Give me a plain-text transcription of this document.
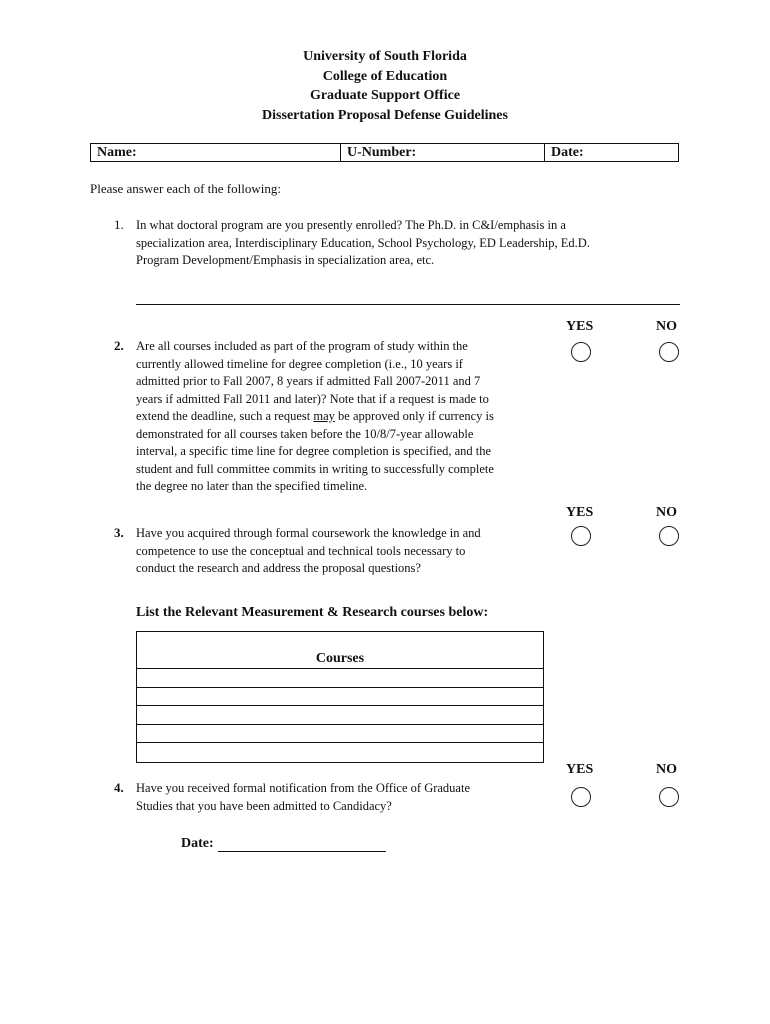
University of South Florida
College of Education
Graduate Support Office
Dissertation Proposal Defense Guidelines
Name:	U-Number:	Date:
Please answer each of the following:
1. In what doctoral program are you presently enrolled? The Ph.D. in C&I/emphasis in a

specialization area, Interdisciplinary Education, School Psychology, ED Leadership, Ed.D.

Program Development/Emphasis in specialization area, etc.

YES	NO
2. Are all courses included as part of the program of study within the

currently allowed timeline for degree completion (i.e., 10 years if

admitted prior to Fall 2007, 8 years if admitted Fall 2007-2011 and 7

years if admitted Fall 2011 and later)? Note that if a request is made to

extend the deadline, such a request may be approved only if currency is

demonstrated for all courses taken before the 10/8/7-year allowable

interval, a specific time line for degree completion is specified, and the

student and full committee commits in writing to successfully complete

the degree no later than the specified timeline.

YES	NO
3. Have you acquired through formal coursework the knowledge in and

competence to use the conceptual and technical tools necessary to

conduct the research and address the proposal questions?

List the Relevant Measurement & Research courses below:
Courses
YES	NO
4. Have you received formal notification from the Office of Graduate

Studies that you have been admitted to Candidacy?

Date:
